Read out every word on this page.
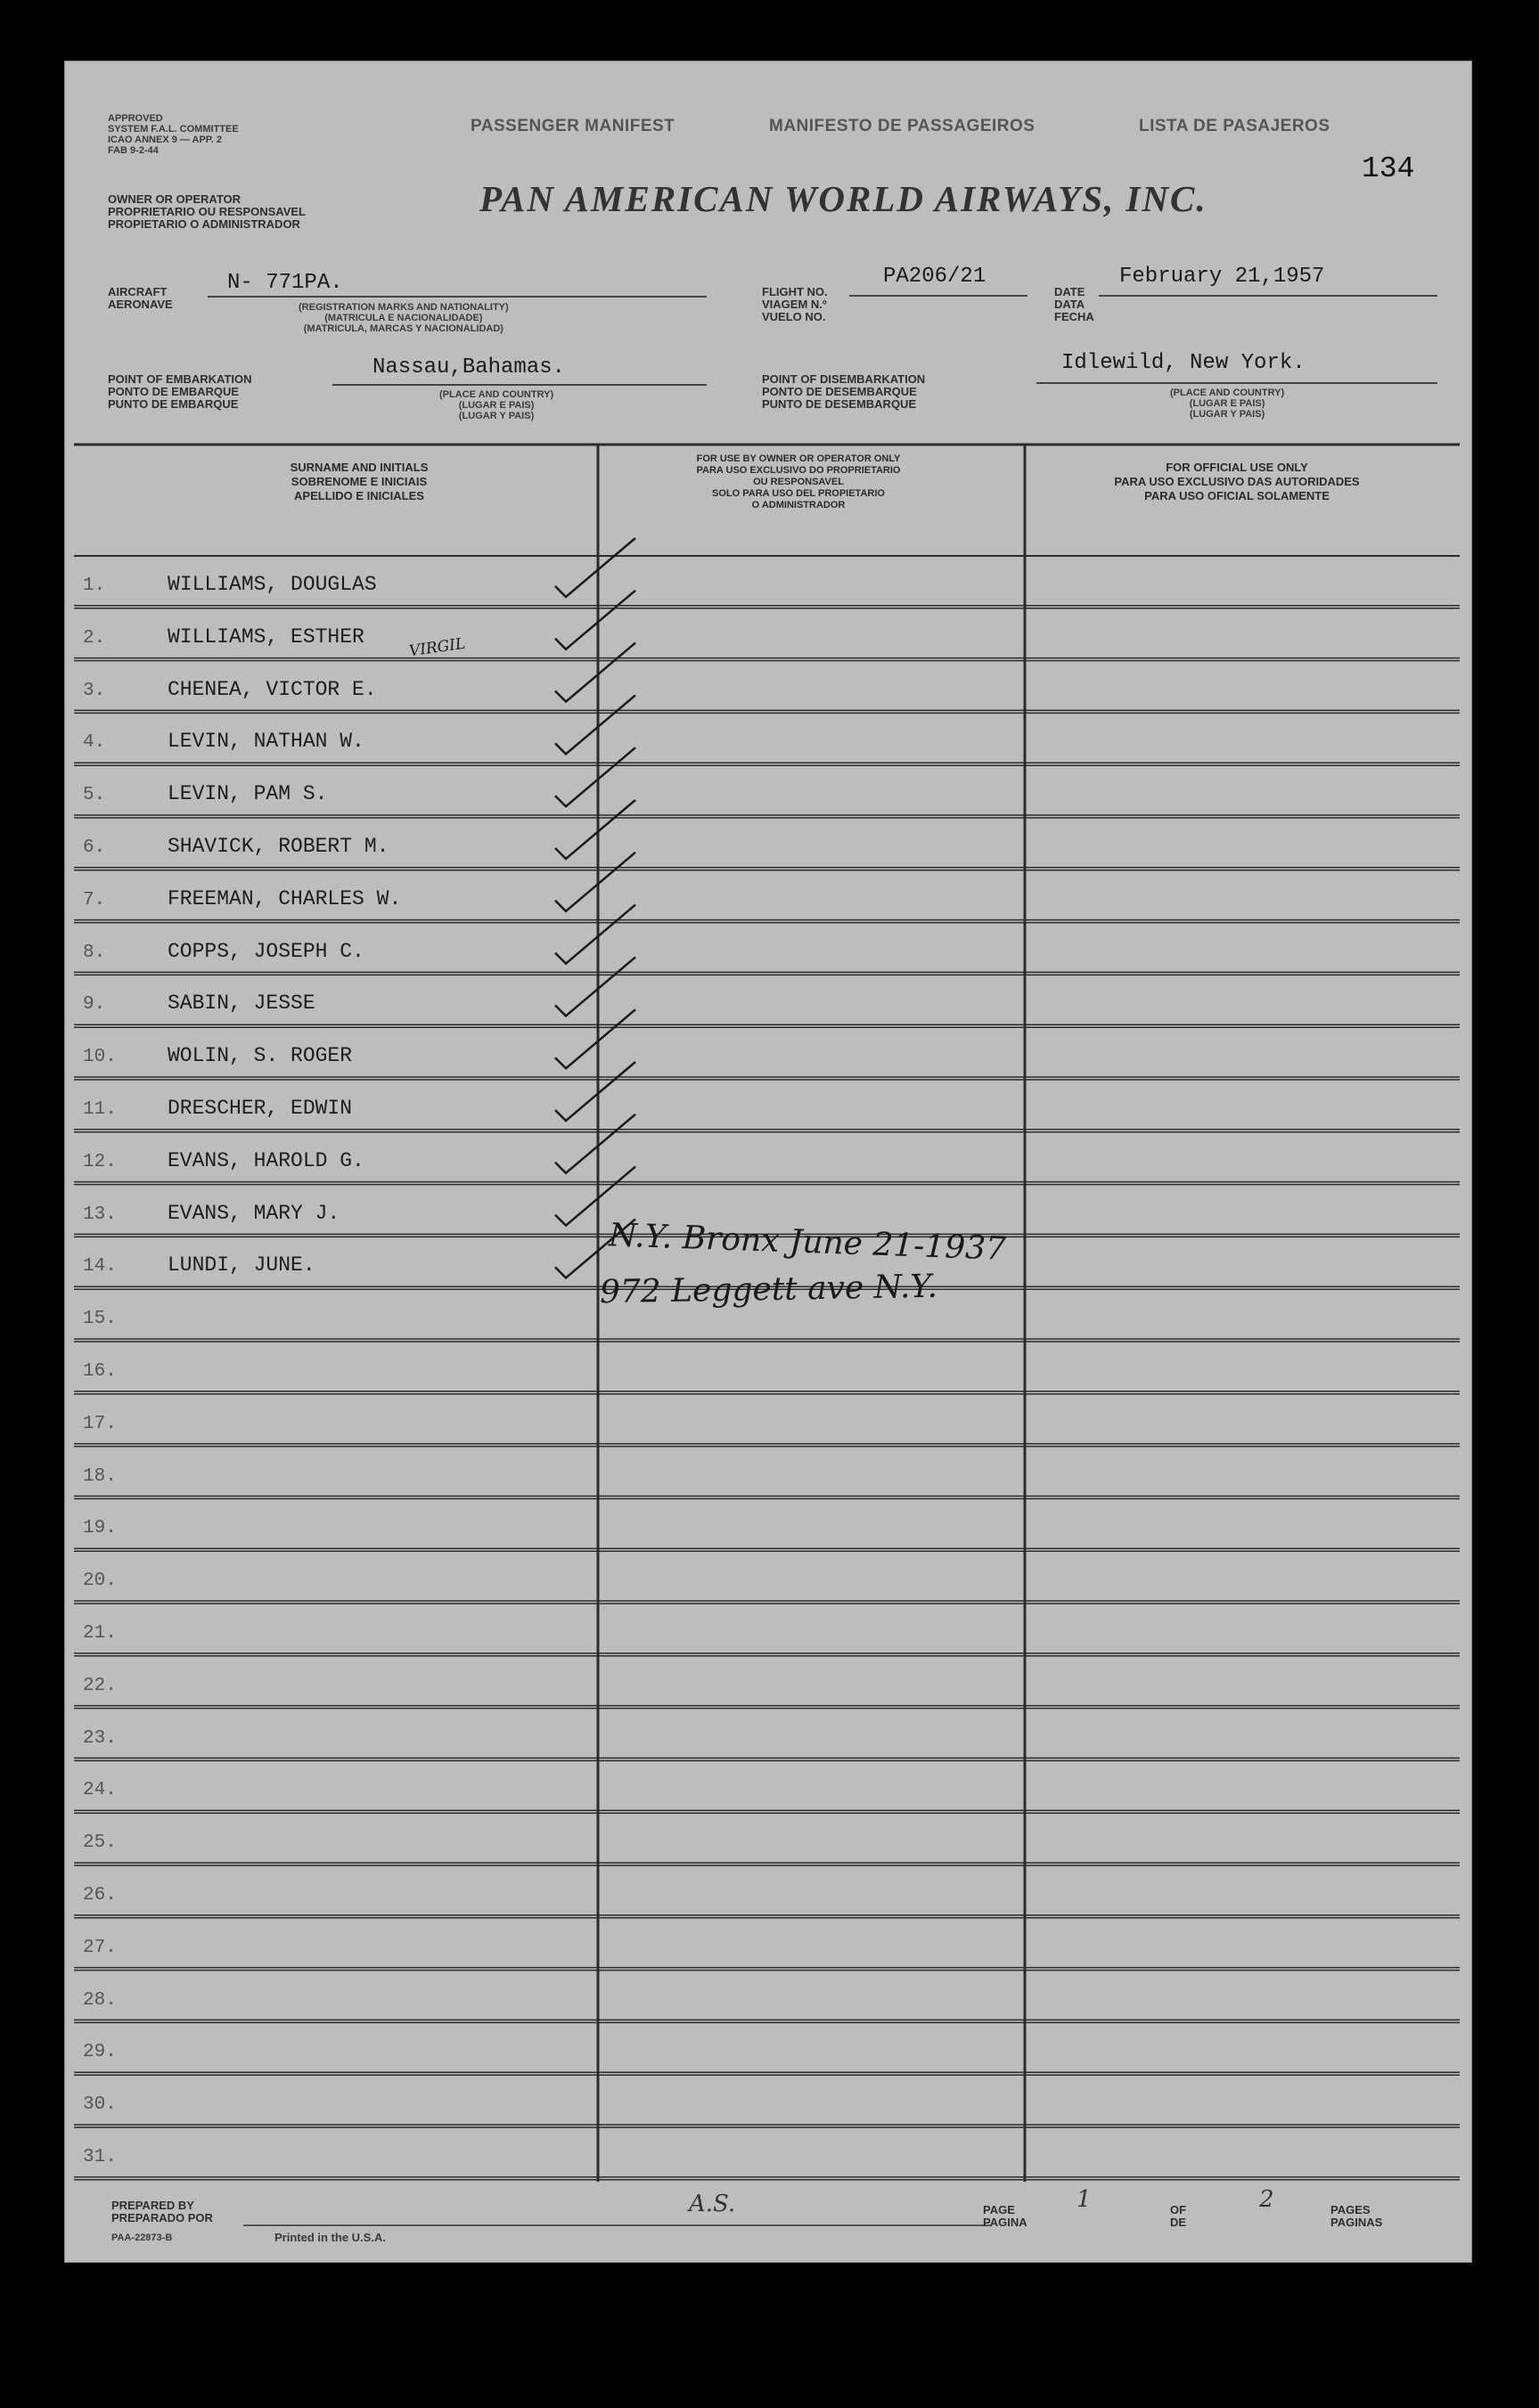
APPROVED
SYSTEM F.A.L. COMMITTEE
ICAO ANNEX 9 — APP. 2
FAB 9-2-44
OWNER OR OPERATOR
PROPRIETARIO OU RESPONSAVEL
PROPIETARIO O ADMINISTRADOR
PASSENGER MANIFEST	MANIFESTO DE PASSAGEIROS	LISTA DE PASAJEROS
134
PAN AMERICAN WORLD AIRWAYS, INC.
AIRCRAFT
AERONAVE
N- 771PA.
(REGISTRATION MARKS AND NATIONALITY)
(MATRICULA E NACIONALIDADE)
(MATRICULA, MARCAS Y NACIONALIDAD)
FLIGHT NO.
VIAGEM N.º
VUELO NO.
PA206/21
DATE
DATA
FECHA
February 21,1957
POINT OF EMBARKATION
PONTO DE EMBARQUE
PUNTO DE EMBARQUE
Nassau,Bahamas.
(PLACE AND COUNTRY)
(LUGAR E PAIS)
(LUGAR Y PAIS)
POINT OF DISEMBARKATION
PONTO DE DESEMBARQUE
PUNTO DE DESEMBARQUE
Idlewild, New York.
(PLACE AND COUNTRY)
(LUGAR E PAIS)
(LUGAR Y PAIS)
SURNAME AND INITIALS
SOBRENOME E INICIAIS
APELLIDO E INICIALES
FOR USE BY OWNER OR OPERATOR ONLY
PARA USO EXCLUSIVO DO PROPRIETARIO
OU RESPONSAVEL
SOLO PARA USO DEL PROPIETARIO
O ADMINISTRADOR
FOR OFFICIAL USE ONLY
PARA USO EXCLUSIVO DAS AUTORIDADES
PARA USO OFICIAL SOLAMENTE
1.	WILLIAMS, DOUGLAS
2.	WILLIAMS, ESTHER
3.	CHENEA, VICTOR E.
4.	LEVIN, NATHAN W.
5.	LEVIN, PAM S.
6.	SHAVICK, ROBERT M.
7.	FREEMAN, CHARLES W.
8.	COPPS, JOSEPH C.
9.	SABIN, JESSE
10. WOLIN, S. ROGER
11. DRESCHER, EDWIN
12. EVANS, HAROLD G.
13. EVANS, MARY J.
14. LUNDI, JUNE.
15.
16.
17.
18.
19.
20.
21.
22.
23.
24.
25.
26.
27.
28.
29.
30.
31.
VIRGIL
N.Y. Bronx June 21-1937
972 Leggett ave N.Y.
PREPARED BY
PREPARADO POR
PAA-22873-B	Printed in the U.S.A.
A.S.	PAGE
PAGINA
1	OF
DE
2	PAGES
PAGINAS
